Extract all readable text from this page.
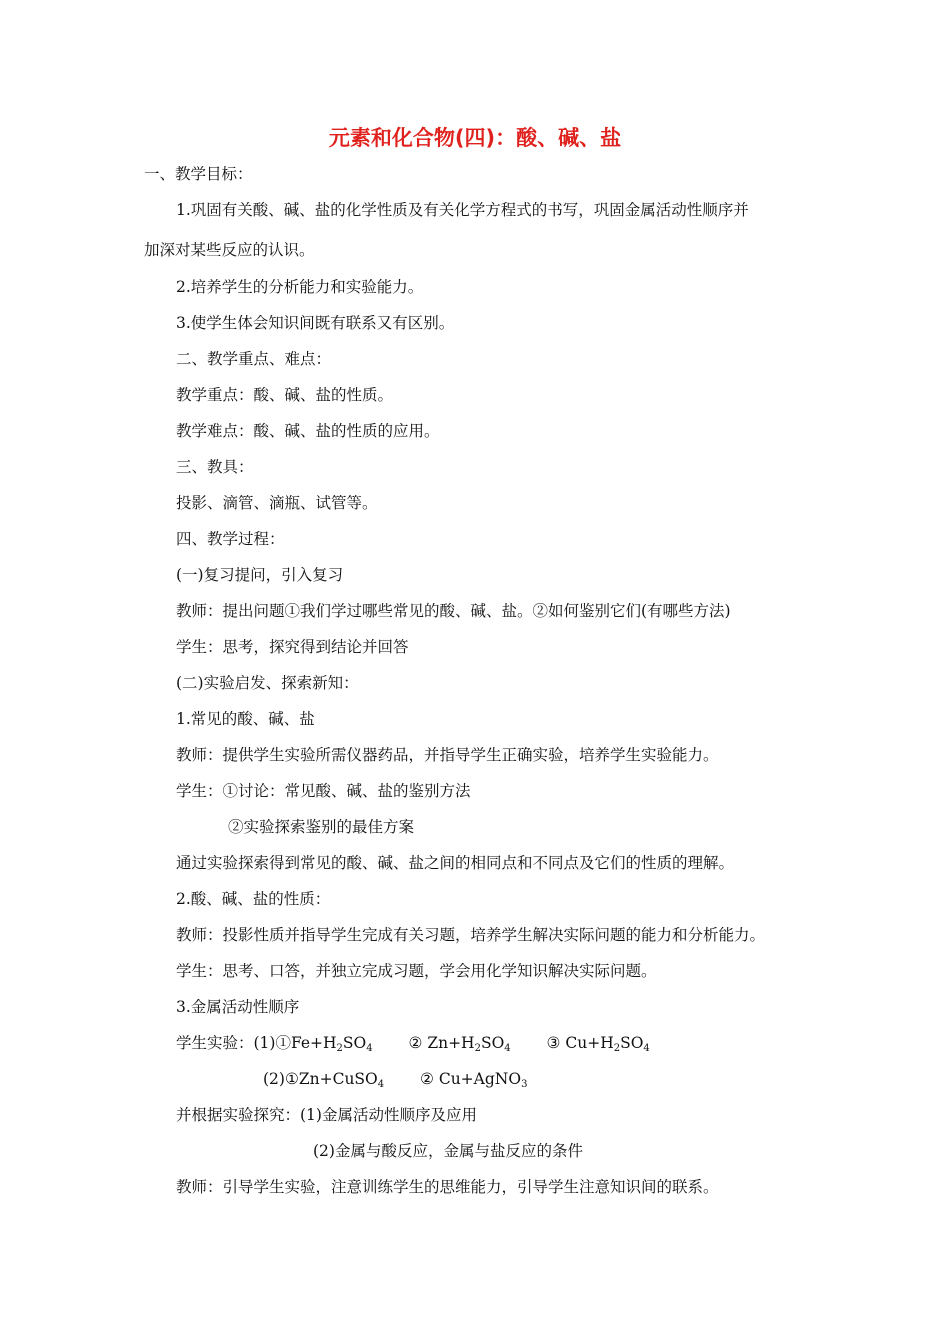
元素和化合物(四)：酸、碱、盐
一、教学目标：
1.巩固有关酸、碱、盐的化学性质及有关化学方程式的书写，巩固金属活动性顺序并
加深对某些反应的认识。
2.培养学生的分析能力和实验能力。
3.使学生体会知识间既有联系又有区别。
二、教学重点、难点：
教学重点：酸、碱、盐的性质。
教学难点：酸、碱、盐的性质的应用。
三、教具：
投影、滴管、滴瓶、试管等。
四、教学过程：
(一)复习提问，引入复习
教师：提出问题①我们学过哪些常见的酸、碱、盐。②如何鉴别它们(有哪些方法)
学生：思考，探究得到结论并回答
(二)实验启发、探索新知：
1.常见的酸、碱、盐
教师：提供学生实验所需仪器药品，并指导学生正确实验，培养学生实验能力。
学生：①讨论：常见酸、碱、盐的鉴别方法
②实验探索鉴别的最佳方案
通过实验探索得到常见的酸、碱、盐之间的相同点和不同点及它们的性质的理解。
2.酸、碱、盐的性质：
教师：投影性质并指导学生完成有关习题，培养学生解决实际问题的能力和分析能力。
学生：思考、口答，并独立完成习题，学会用化学知识解决实际问题。
3.金属活动性顺序
学生实验：$(1)①Fe+H_2SO_4$ ② $Zn+H_2SO_4$ ③ $Cu+H_2SO_4$
(2)①Zn+CuSO$_4$ ② Cu+AgNO$_3$
并根据实验探究：(1)金属活动性顺序及应用
(2)金属与酸反应，金属与盐反应的条件
教师：引导学生实验，注意训练学生的思维能力，引导学生注意知识间的联系。
